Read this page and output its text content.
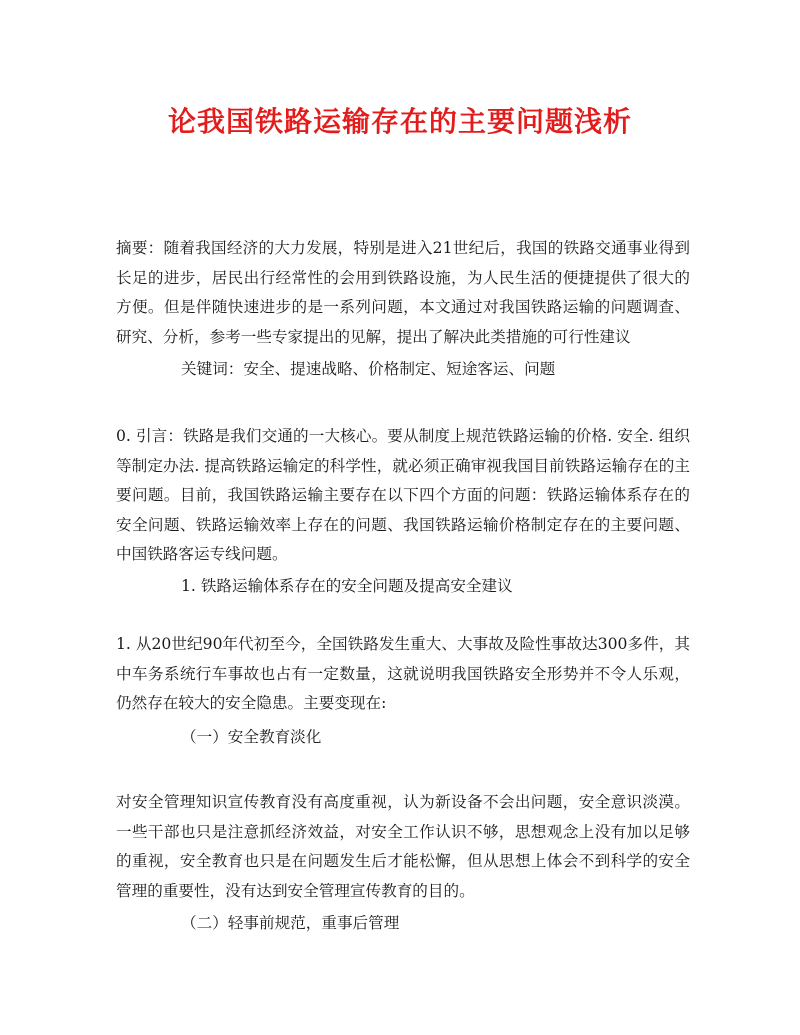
论我国铁路运输存在的主要问题浅析

摘要：随着我国经济的大力发展，特别是进入21世纪后，我国的铁路交通事业得到长足的进步，居民出行经常性的会用到铁路设施，为人民生活的便捷提供了很大的方便。但是伴随快速进步的是一系列问题，本文通过对我国铁路运输的问题调查、研究、分析，参考一些专家提出的见解，提出了解决此类措施的可行性建议

关键词：安全、提速战略、价格制定、短途客运、问题

0. 引言：铁路是我们交通的一大核心。要从制度上规范铁路运输的价格. 安全. 组织等制定办法. 提高铁路运输定的科学性，就必须正确审视我国目前铁路运输存在的主要问题。目前，我国铁路运输主要存在以下四个方面的问题：铁路运输体系存在的安全问题、铁路运输效率上存在的问题、我国铁路运输价格制定存在的主要问题、中国铁路客运专线问题。

1. 铁路运输体系存在的安全问题及提高安全建议

1. 从20世纪90年代初至今，全国铁路发生重大、大事故及险性事故达300多件，其中车务系统行车事故也占有一定数量，这就说明我国铁路安全形势并不令人乐观，仍然存在较大的安全隐患。主要变现在:

（一）安全教育淡化

对安全管理知识宣传教育没有高度重视，认为新设备不会出问题，安全意识淡漠。一些干部也只是注意抓经济效益，对安全工作认识不够，思想观念上没有加以足够的重视，安全教育也只是在问题发生后才能松懈，但从思想上体会不到科学的安全管理的重要性，没有达到安全管理宣传教育的目的。

（二）轻事前规范，重事后管理
